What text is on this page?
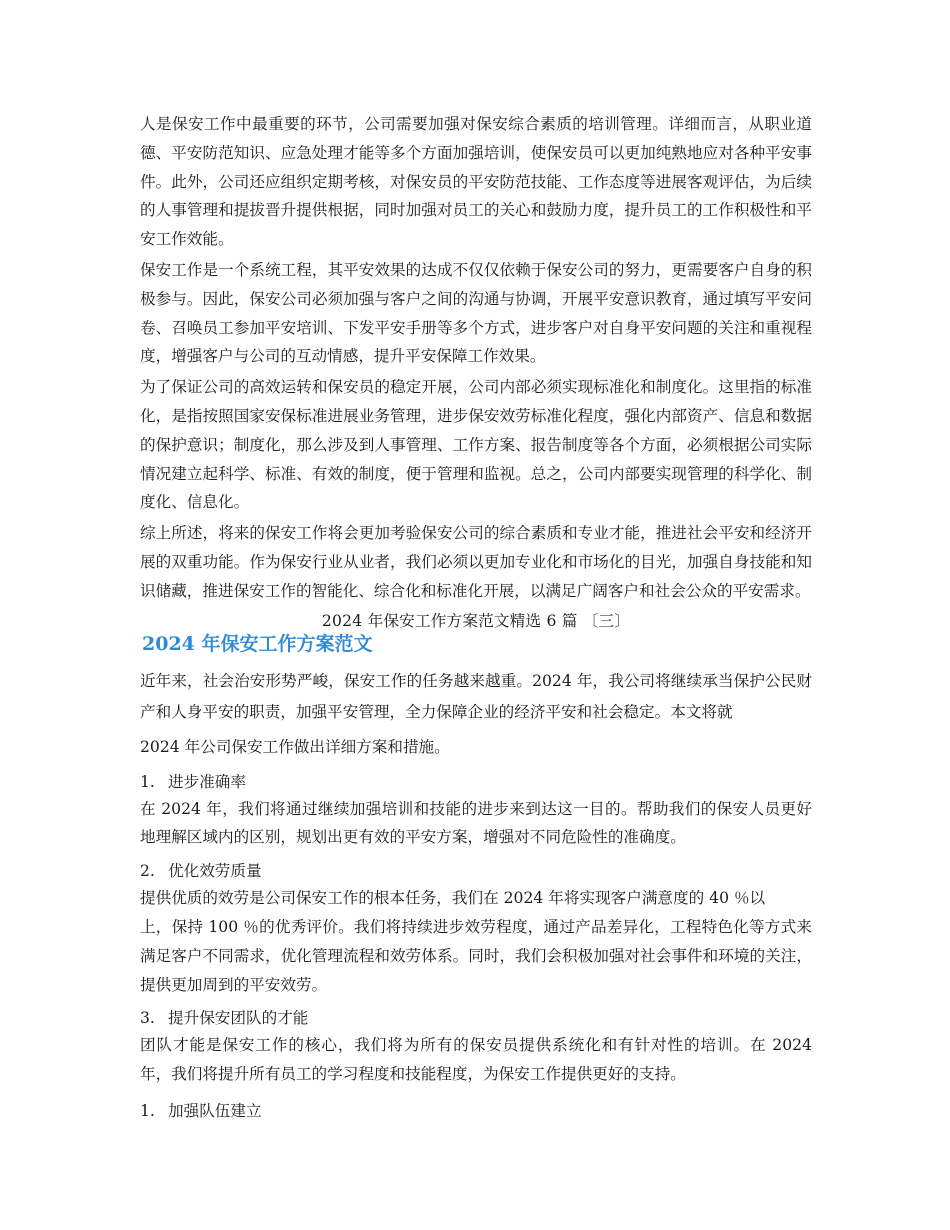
人是保安工作中最重要的环节，公司需要加强对保安综合素质的培训管理。详细而言，从职业道德、平安防范知识、应急处理才能等多个方面加强培训，使保安员可以更加纯熟地应对各种平安事件。此外，公司还应组织定期考核，对保安员的平安防范技能、工作态度等进展客观评估，为后续的人事管理和提拔晋升提供根据，同时加强对员工的关心和鼓励力度，提升员工的工作积极性和平安工作效能。

保安工作是一个系统工程，其平安效果的达成不仅仅依赖于保安公司的努力，更需要客户自身的积极参与。因此，保安公司必须加强与客户之间的沟通与协调，开展平安意识教育，通过填写平安问卷、召唤员工参加平安培训、下发平安手册等多个方式，进步客户对自身平安问题的关注和重视程度，增强客户与公司的互动情感，提升平安保障工作效果。

为了保证公司的高效运转和保安员的稳定开展，公司内部必须实现标准化和制度化。这里指的标准化，是指按照国家安保标准进展业务管理，进步保安效劳标准化程度，强化内部资产、信息和数据的保护意识；制度化，那么涉及到人事管理、工作方案、报告制度等各个方面，必须根据公司实际情况建立起科学、标准、有效的制度，便于管理和监视。总之，公司内部要实现管理的科学化、制度化、信息化。

综上所述，将来的保安工作将会更加考验保安公司的综合素质和专业才能，推进社会平安和经济开展的双重功能。作为保安行业从业者，我们必须以更加专业化和市场化的目光，加强自身技能和知识储藏，推进保安工作的智能化、综合化和标准化开展，以满足广阔客户和社会公众的平安需求。

2024 年保安工作方案范文精选 6 篇 〔三〕

2024 年保安工作方案范文

近年来，社会治安形势严峻，保安工作的任务越来越重。2024 年，我公司将继续承当保护公民财产和人身平安的职责，加强平安管理，全力保障企业的经济平安和社会稳定。本文将就

2024 年公司保安工作做出详细方案和措施。

1. 进步准确率

在 2024 年，我们将通过继续加强培训和技能的进步来到达这一目的。帮助我们的保安人员更好地理解区域内的区别，规划出更有效的平安方案，增强对不同危险性的准确度。

2. 优化效劳质量

提供优质的效劳是公司保安工作的根本任务，我们在 2024 年将实现客户满意度的 40 ％以

上，保持 100 ％的优秀评价。我们将持续进步效劳程度，通过产品差异化，工程特色化等方式来满足客户不同需求，优化管理流程和效劳体系。同时，我们会积极加强对社会事件和环境的关注，提供更加周到的平安效劳。

3. 提升保安团队的才能

团队才能是保安工作的核心，我们将为所有的保安员提供系统化和有针对性的培训。在 2024 年，我们将提升所有员工的学习程度和技能程度，为保安工作提供更好的支持。

1. 加强队伍建立
